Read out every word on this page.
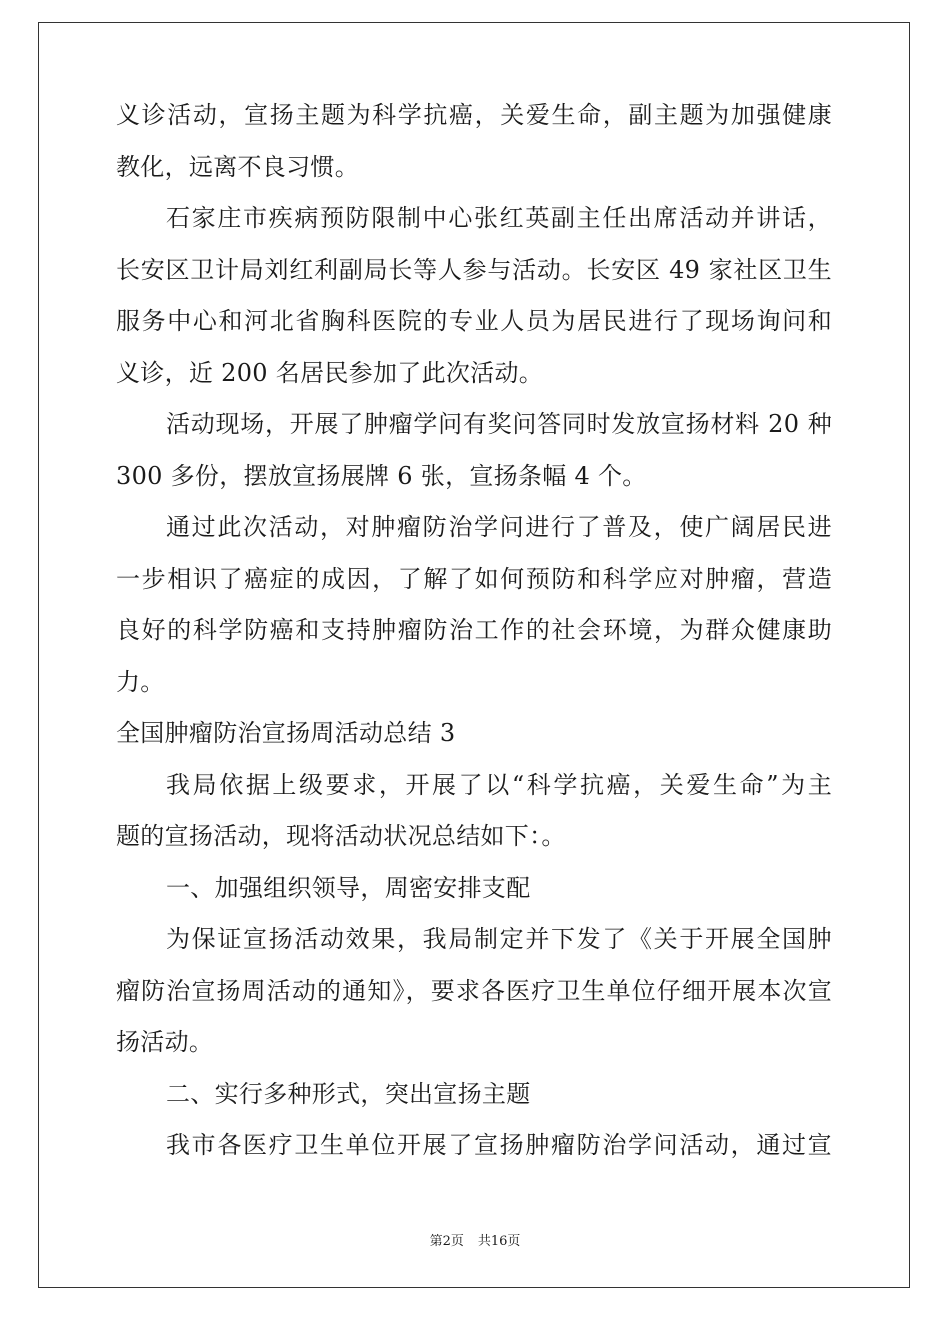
义诊活动，宣扬主题为科学抗癌，关爱生命，副主题为加强健康
教化，远离不良习惯。
石家庄市疾病预防限制中心张红英副主任出席活动并讲话，
长安区卫计局刘红利副局长等人参与活动。长安区 49 家社区卫生
服务中心和河北省胸科医院的专业人员为居民进行了现场询问和
义诊，近 200 名居民参加了此次活动。
活动现场，开展了肿瘤学问有奖问答同时发放宣扬材料 20 种
300 多份，摆放宣扬展牌 6 张，宣扬条幅 4 个。
通过此次活动，对肿瘤防治学问进行了普及，使广阔居民进
一步相识了癌症的成因，了解了如何预防和科学应对肿瘤，营造
良好的科学防癌和支持肿瘤防治工作的社会环境，为群众健康助
力。
全国肿瘤防治宣扬周活动总结 3
我局依据上级要求，开展了以“科学抗癌，关爱生命”为主
题的宣扬活动，现将活动状况总结如下：。
一、加强组织领导，周密安排支配
为保证宣扬活动效果，我局制定并下发了《关于开展全国肿
瘤防治宣扬周活动的通知》，要求各医疗卫生单位仔细开展本次宣
扬活动。
二、实行多种形式，突出宣扬主题
我市各医疗卫生单位开展了宣扬肿瘤防治学问活动，通过宣
第2页 共16页
